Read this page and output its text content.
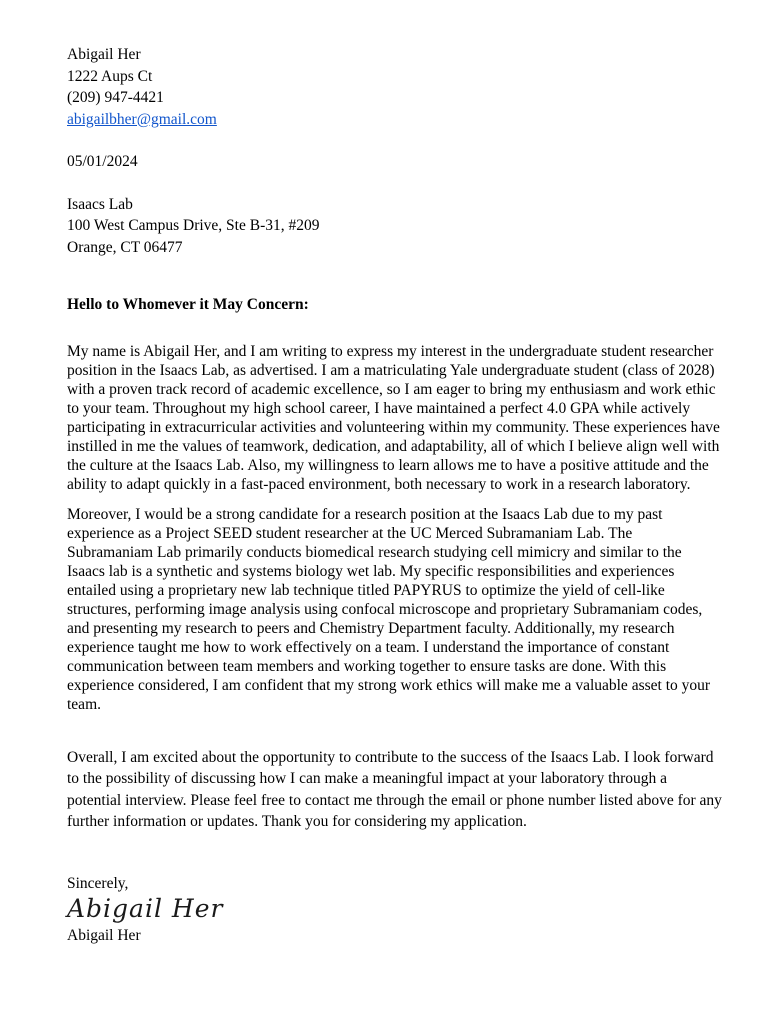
Abigail Her
1222 Aups Ct
(209) 947-4421
abigailbher@gmail.com
05/01/2024
Isaacs Lab
100 West Campus Drive, Ste B-31, #209
Orange, CT 06477
Hello to Whomever it May Concern:

My name is Abigail Her, and I am writing to express my interest in the undergraduate student researcher position in the Isaacs Lab, as advertised. I am a matriculating Yale undergraduate student (class of 2028) with a proven track record of academic excellence, so I am eager to bring my enthusiasm and work ethic to your team. Throughout my high school career, I have maintained a perfect 4.0 GPA while actively participating in extracurricular activities and volunteering within my community. These experiences have instilled in me the values of teamwork, dedication, and adaptability, all of which I believe align well with the culture at the Isaacs Lab. Also, my willingness to learn allows me to have a positive attitude and the ability to adapt quickly in a fast-paced environment, both necessary to work in a research laboratory.

Moreover, I would be a strong candidate for a research position at the Isaacs Lab due to my past experience as a Project SEED student researcher at the UC Merced Subramaniam Lab. The Subramaniam Lab primarily conducts biomedical research studying cell mimicry and similar to the Isaacs lab is a synthetic and systems biology wet lab. My specific responsibilities and experiences entailed using a proprietary new lab technique titled PAPYRUS to optimize the yield of cell-like structures, performing image analysis using confocal microscope and proprietary Subramaniam codes, and presenting my research to peers and Chemistry Department faculty. Additionally, my research experience taught me how to work effectively on a team. I understand the importance of constant communication between team members and working together to ensure tasks are done. With this experience considered, I am confident that my strong work ethics will make me a valuable asset to your team.

Overall, I am excited about the opportunity to contribute to the success of the Isaacs Lab. I look forward to the possibility of discussing how I can make a meaningful impact at your laboratory through a potential interview. Please feel free to contact me through the email or phone number listed above for any further information or updates. Thank you for considering my application.

Sincerely,
Abigail Her
Abigail Her
